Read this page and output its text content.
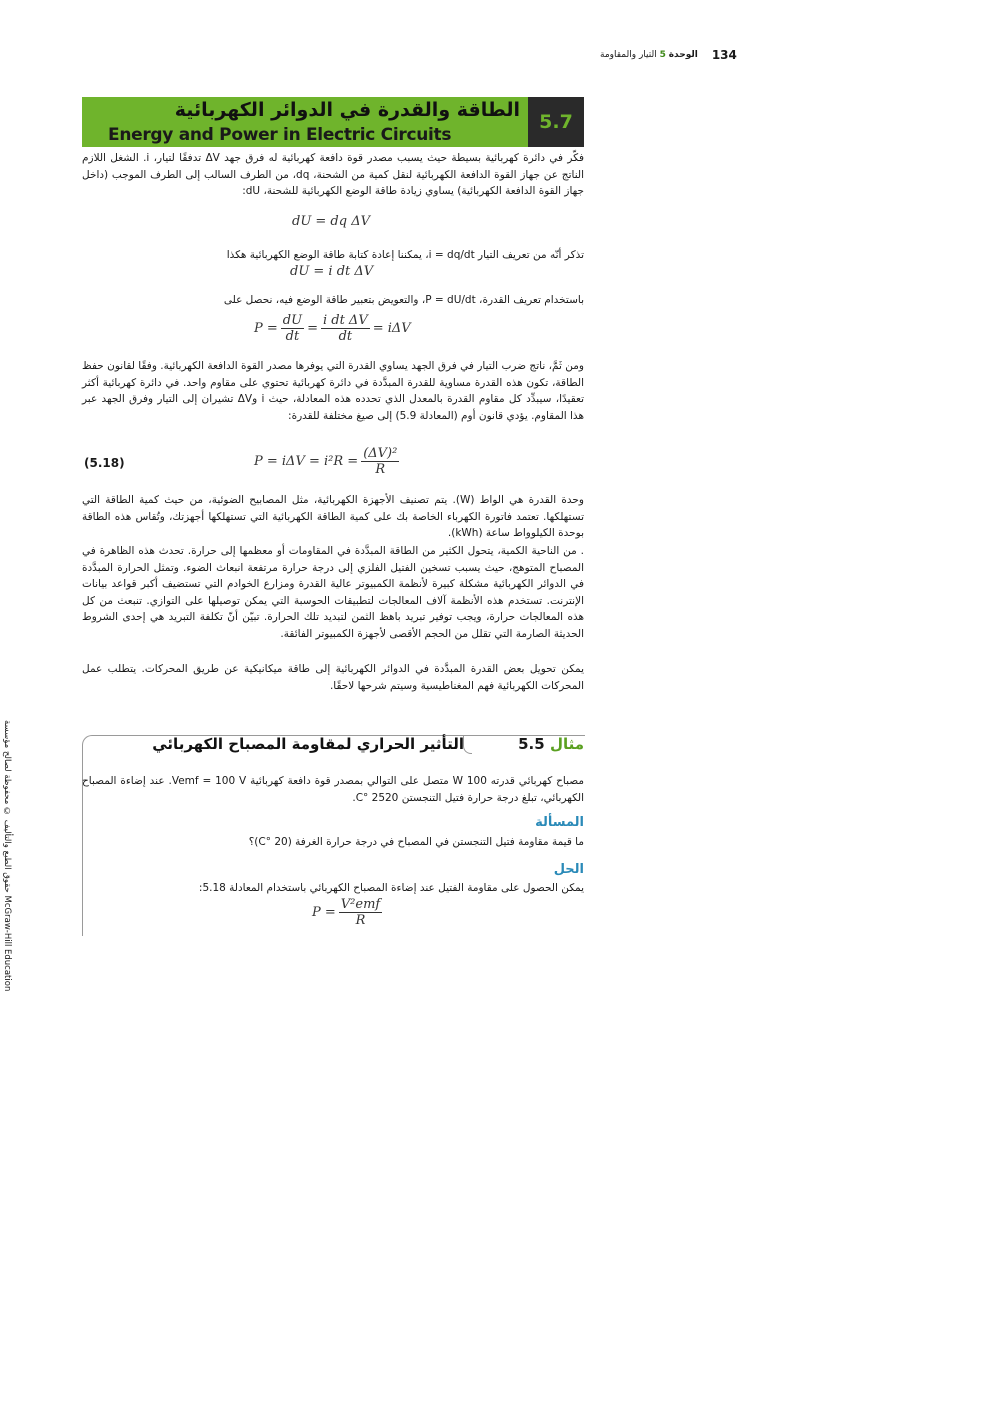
134
الوحدة 5 التيار والمقاومة
5.7
الطاقة والقدرة في الدوائر الكهربائية
Energy and Power in Electric Circuits
فكّر في دائرة كهربائية بسيطة حيث يسبب مصدر قوة دافعة كهربائية له فرق جهد ΔV تدفقًا لتيار، i. الشغل اللازم الناتج عن جهاز القوة الدافعة الكهربائية لنقل كمية من الشحنة، dq، من الطرف السالب إلى الطرف الموجب (داخل جهاز القوة الدافعة الكهربائية) يساوي زيادة طاقة الوضع الكهربائية للشحنة، dU:
dU = dq ΔV
تذكر أنّه من تعريف التيار i = dq/dt، يمكننا إعادة كتابة طاقة الوضع الكهربائية هكذا
dU = i dt ΔV
باستخدام تعريف القدرة، P = dU/dt، والتعويض بتعبير طاقة الوضع فيه، نحصل على
$P = \frac{dU}{dt} = \frac{\text{i dt ΔV}}{dt} = i\Delta V$
ومن ثَمَّ، ناتج ضرب التيار في فرق الجهد يساوي القدرة التي يوفرها مصدر القوة الدافعة الكهربائية. وفقًا لقانون حفظ الطاقة، تكون هذه القدرة مساوية للقدرة المبدَّدة في دائرة كهربائية تحتوي على مقاوم واحد. في دائرة كهربائية أكثر تعقيدًا، سيبدِّد كل مقاوم القدرة بالمعدل الذي تحدده هذه المعادلة، حيث i وΔV تشيران إلى التيار وفرق الجهد عبر هذا المقاوم. يؤدي قانون أوم (المعادلة 5.9) إلى صيغ مختلفة للقدرة:
(5.18)	$P = i\Delta V = i^2R = \frac{\text{(ΔV)²}}{R}$
وحدة القدرة هي الواط (W). يتم تصنيف الأجهزة الكهربائية، مثل المصابيح الضوئية، من حيث كمية الطاقة التي تستهلكها. تعتمد فاتورة الكهرباء الخاصة بك على كمية الطاقة الكهربائية التي تستهلكها أجهزتك، وتُقاس هذه الطاقة بوحدة الكيلوواط ساعة (kWh).
. من الناحية الكمية، يتحول الكثير من الطاقة المبدَّدة في المقاومات أو معظمها إلى حرارة. تحدث هذه الظاهرة في المصباح المتوهج، حيث يسبب تسخين الفتيل الفلزي إلى درجة حرارة مرتفعة انبعاث الضوء. وتمثل الحرارة المبدَّدة في الدوائر الكهربائية مشكلة كبيرة لأنظمة الكمبيوتر عالية القدرة ومزارع الخوادم التي تستضيف أكبر قواعد بيانات الإنترنت. تستخدم هذه الأنظمة آلاف المعالجات لتطبيقات الحوسبة التي يمكن توصيلها على التوازي. تنبعث من كل هذه المعالجات حرارة، ويجب توفير تبريد باهظ الثمن لتبديد تلك الحرارة. تبيّن أنّ تكلفة التبريد هي إحدى الشروط الحديثة الصارمة التي تقلل من الحجم الأقصى لأجهزة الكمبيوتر الفائقة.
يمكن تحويل بعض القدرة المبدَّدة في الدوائر الكهربائية إلى طاقة ميكانيكية عن طريق المحركات. يتطلب عمل المحركات الكهربائية فهم المغناطيسية وسيتم شرحها لاحقًا.
حقوق الطبع والتأليف © محفوظة لصالح مؤسسة McGraw-Hill Education
مثال 5.5
التأثير الحراري لمقاومة المصباح الكهربائي
مصباح كهربائي قدرته 100 W متصل على التوالي بمصدر قوة دافعة كهربائية Vemf = 100 V. عند إضاءة المصباح الكهربائي، تبلغ درجة حرارة فتيل التنجستن 2520 °C.
المسألة
ما قيمة مقاومة فتيل التنجستن في المصباح في درجة حرارة الغرفة (20 °C)؟
الحل
يمكن الحصول على مقاومة الفتيل عند إضاءة المصباح الكهربائي باستخدام المعادلة 5.18:
$P = \frac{\text{V²emf}}{R}$
